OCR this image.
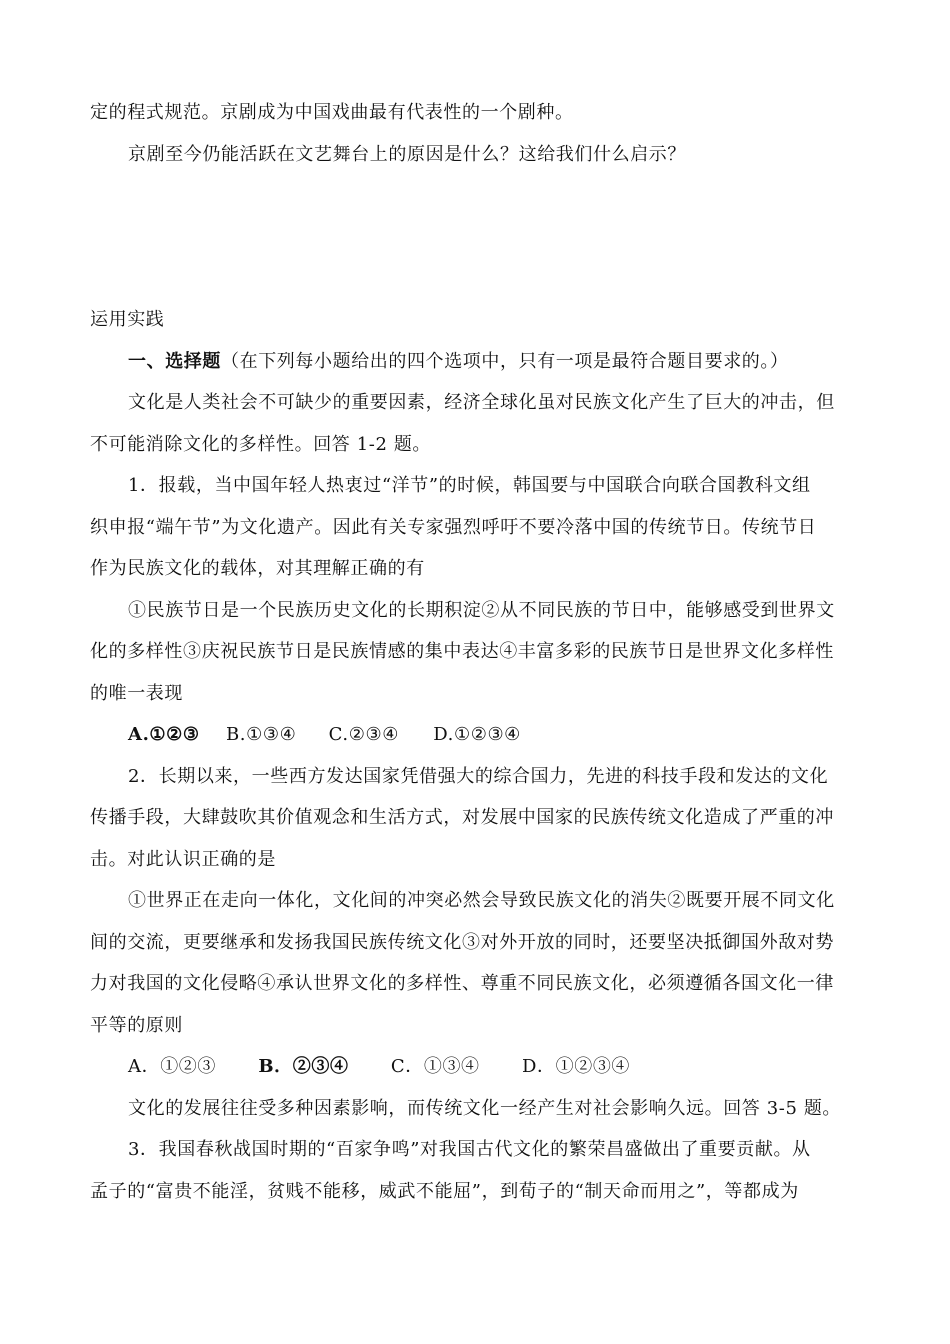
定的程式规范。京剧成为中国戏曲最有代表性的一个剧种。
京剧至今仍能活跃在文艺舞台上的原因是什么？这给我们什么启示？
运用实践
一、选择题（在下列每小题给出的四个选项中，只有一项是最符合题目要求的。）
文化是人类社会不可缺少的重要因素，经济全球化虽对民族文化产生了巨大的冲击，但
不可能消除文化的多样性。回答 1-2 题。
1．报载，当中国年轻人热衷过“洋节”的时候，韩国要与中国联合向联合国教科文组
织申报“端午节”为文化遗产。因此有关专家强烈呼吁不要冷落中国的传统节日。传统节日
作为民族文化的载体，对其理解正确的有
①民族节日是一个民族历史文化的长期积淀②从不同民族的节日中，能够感受到世界文
化的多样性③庆祝民族节日是民族情感的集中表达④丰富多彩的民族节日是世界文化多样性
的唯一表现
A.①②③ B.①③④ C.②③④ D.①②③④
2．长期以来，一些西方发达国家凭借强大的综合国力，先进的科技手段和发达的文化
传播手段，大肆鼓吹其价值观念和生活方式，对发展中国家的民族传统文化造成了严重的冲
击。对此认识正确的是
①世界正在走向一体化，文化间的冲突必然会导致民族文化的消失②既要开展不同文化
间的交流，更要继承和发扬我国民族传统文化③对外开放的同时，还要坚决抵御国外敌对势
力对我国的文化侵略④承认世界文化的多样性、尊重不同民族文化，必须遵循各国文化一律
平等的原则
A．①②③ B．②③④ C．①③④ D．①②③④
文化的发展往往受多种因素影响，而传统文化一经产生对社会影响久远。回答 3-5 题。
3．我国春秋战国时期的“百家争鸣”对我国古代文化的繁荣昌盛做出了重要贡献。从
孟子的“富贵不能淫，贫贱不能移，威武不能屈”，到荀子的“制天命而用之”，等都成为
